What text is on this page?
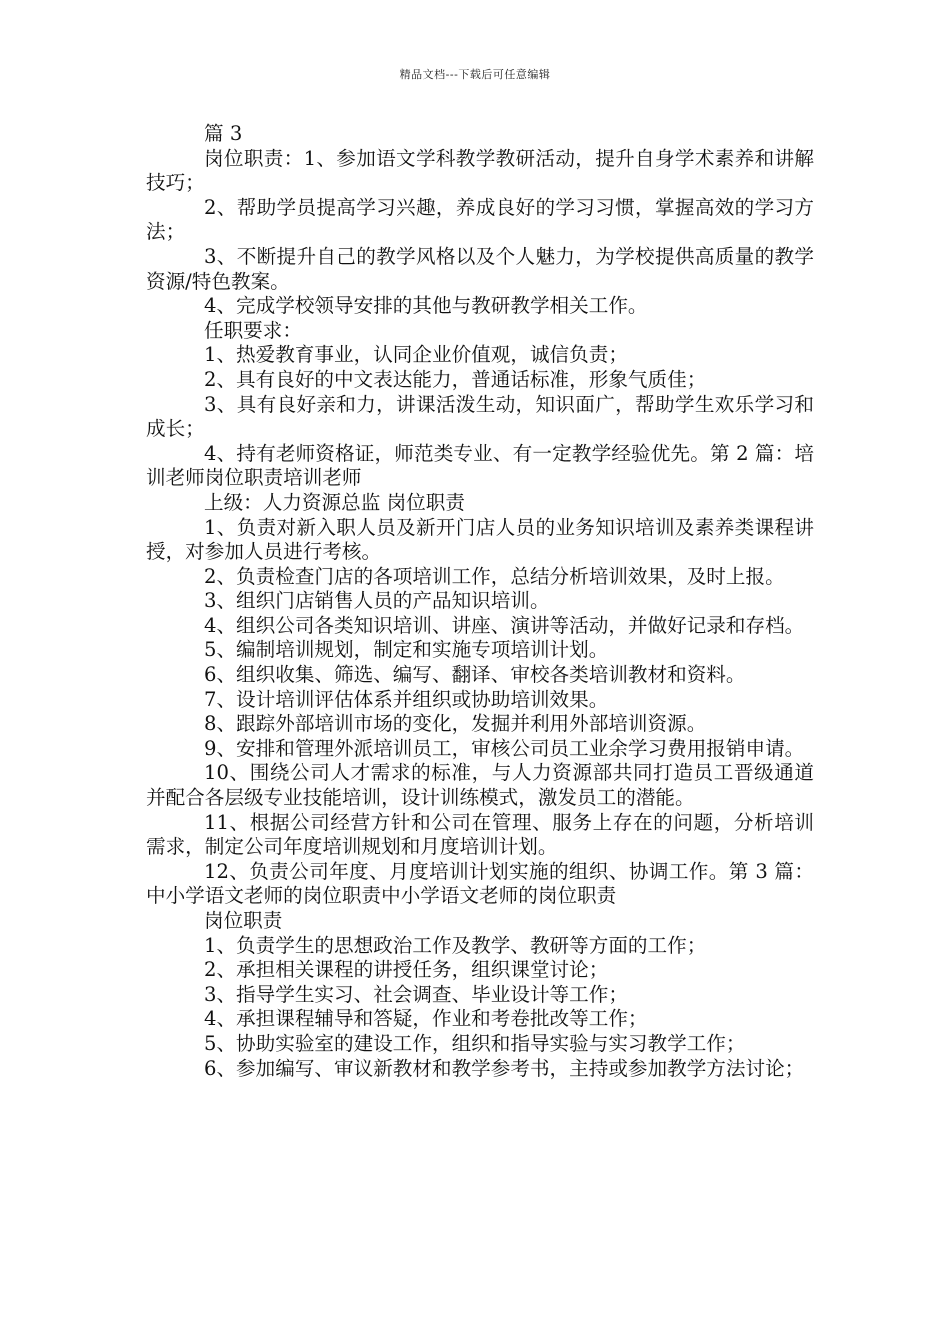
精品文档---下载后可任意编辑

篇 3

岗位职责：1、参加语文学科教学教研活动，提升自身学术素养和讲解技巧；

2、帮助学员提高学习兴趣，养成良好的学习习惯，掌握高效的学习方法；

3、不断提升自己的教学风格以及个人魅力，为学校提供高质量的教学资源/特色教案。

4、完成学校领导安排的其他与教研教学相关工作。

任职要求：

1、热爱教育事业，认同企业价值观，诚信负责；

2、具有良好的中文表达能力，普通话标准，形象气质佳；

3、具有良好亲和力，讲课活泼生动，知识面广，帮助学生欢乐学习和成长；

4、持有老师资格证，师范类专业、有一定教学经验优先。第 2 篇：培训老师岗位职责培训老师

上级：人力资源总监 岗位职责

1、负责对新入职人员及新开门店人员的业务知识培训及素养类课程讲授，对参加人员进行考核。

2、负责检查门店的各项培训工作，总结分析培训效果，及时上报。

3、组织门店销售人员的产品知识培训。

4、组织公司各类知识培训、讲座、演讲等活动，并做好记录和存档。

5、编制培训规划，制定和实施专项培训计划。

6、组织收集、筛选、编写、翻译、审校各类培训教材和资料。

7、设计培训评估体系并组织或协助培训效果。

8、跟踪外部培训市场的变化，发掘并利用外部培训资源。

9、安排和管理外派培训员工，审核公司员工业余学习费用报销申请。

10、围绕公司人才需求的标准，与人力资源部共同打造员工晋级通道并配合各层级专业技能培训，设计训练模式，激发员工的潜能。

11、根据公司经营方针和公司在管理、服务上存在的问题，分析培训需求，制定公司年度培训规划和月度培训计划。

12、负责公司年度、月度培训计划实施的组织、协调工作。第 3 篇：中小学语文老师的岗位职责中小学语文老师的岗位职责

岗位职责

1、负责学生的思想政治工作及教学、教研等方面的工作；

2、承担相关课程的讲授任务，组织课堂讨论；

3、指导学生实习、社会调查、毕业设计等工作；

4、承担课程辅导和答疑，作业和考卷批改等工作；

5、协助实验室的建设工作，组织和指导实验与实习教学工作；

6、参加编写、审议新教材和教学参考书，主持或参加教学方法讨论；
